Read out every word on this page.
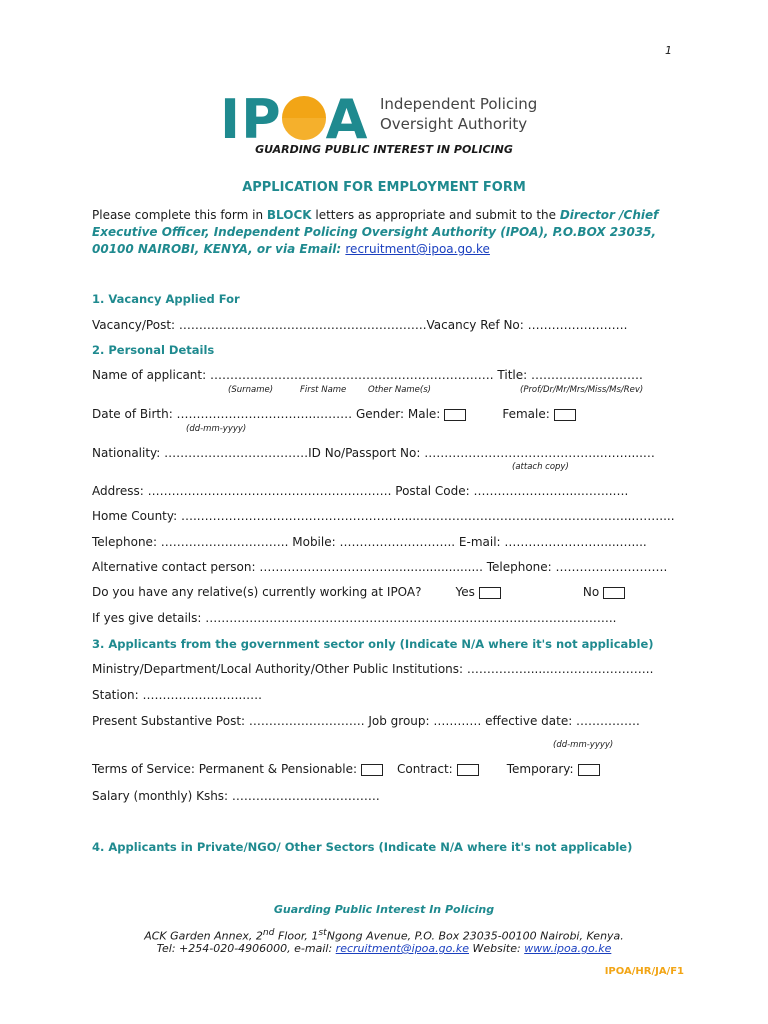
1
IP A Independent Policing
Oversight Authority
GUARDING PUBLIC INTEREST IN POLICING
APPLICATION FOR EMPLOYMENT FORM
Please complete this form in BLOCK letters as appropriate and submit to the Director /Chief Executive Officer, Independent Policing Oversight Authority (IPOA), P.O.BOX 23035, 00100 NAIROBI, KENYA, or via Email: recruitment@ipoa.go.ke
1. Vacancy Applied For
Vacancy/Post: ……………………………………………………..Vacancy Ref No: …………………….
2. Personal Details
Name of applicant: ……………………………………….……………………. Title: ……………………….
(Surname)	First Name	Other Name(s)	(Prof/Dr/Mr/Mrs/Miss/Ms/Rev)
Date of Birth: ……………………………..……… Gender: Male:	Female:
(dd-mm-yyyy)
Nationality: ………………………………ID No/Passport No: ……………………………………...……....…
(attach copy)
Address: ……………………………………………………. Postal Code: ……………………...……..….
Home County: …..……………………………………………....……………………………………………...……....
Telephone: ………………………….. Mobile: ……………………….. E-mail: …………………….....…....
Alternative contact person: ……………………………........................ Telephone: ……………………….
Do you have any relative(s) currently working at IPOA?	Yes	No
If yes give details: ……………………………………………………………………..…………………..
3. Applicants from the government sector only (Indicate N/A where it's not applicable)
Ministry/Department/Local Authority/Other Public Institutions: ……………......……………………..
Station: ……………………..….
Present Substantive Post: ……………………….. Job group: ………… effective date: …………….
(dd-mm-yyyy)
Terms of Service: Permanent & Pensionable:	Contract:	Temporary:
Salary (monthly) Kshs: ……………………………….
4. Applicants in Private/NGO/ Other Sectors (Indicate N/A where it's not applicable)
Guarding Public Interest In Policing
ACK Garden Annex, 2nd Floor, 1stNgong Avenue, P.O. Box 23035-00100 Nairobi, Kenya.
Tel: +254-020-4906000, e-mail: recruitment@ipoa.go.ke Website: www.ipoa.go.ke
IPOA/HR/JA/F1
